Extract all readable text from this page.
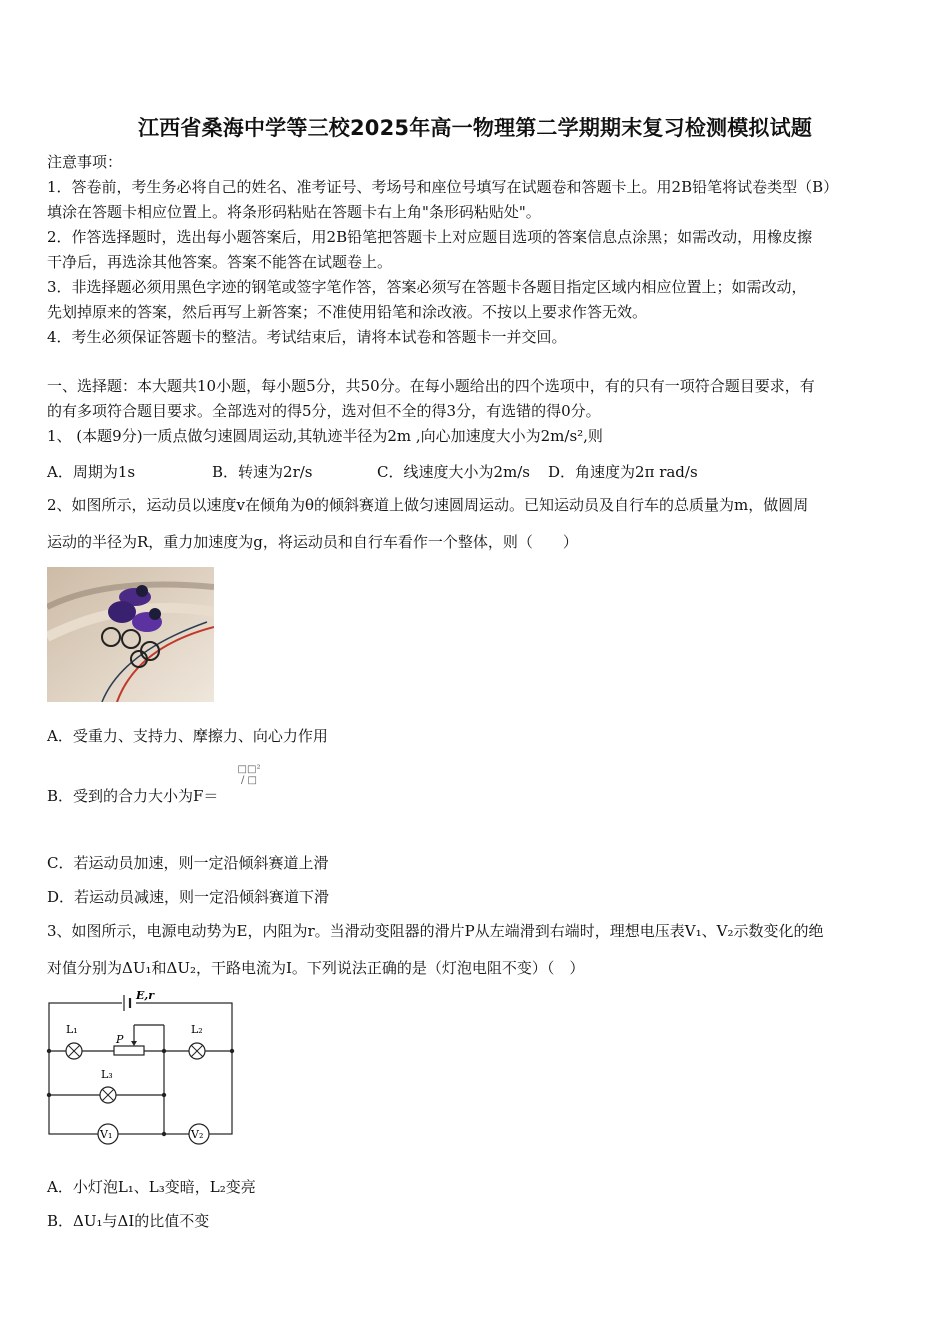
江西省桑海中学等三校2025年高一物理第二学期期末复习检测模拟试题
注意事项：
1．答卷前，考生务必将自己的姓名、准考证号、考场号和座位号填写在试题卷和答题卡上。用2B铅笔将试卷类型（B）
填涂在答题卡相应位置上。将条形码粘贴在答题卡右上角"条形码粘贴处"。
2．作答选择题时，选出每小题答案后，用2B铅笔把答题卡上对应题目选项的答案信息点涂黑；如需改动，用橡皮擦
干净后，再选涂其他答案。答案不能答在试题卷上。
3．非选择题必须用黑色字迹的钢笔或签字笔作答，答案必须写在答题卡各题目指定区域内相应位置上；如需改动，
先划掉原来的答案，然后再写上新答案；不准使用铅笔和涂改液。不按以上要求作答无效。
4．考生必须保证答题卡的整洁。考试结束后，请将本试卷和答题卡一并交回。
一、选择题：本大题共10小题，每小题5分，共50分。在每小题给出的四个选项中，有的只有一项符合题目要求，有
的有多项符合题目要求。全部选对的得5分，选对但不全的得3分，有选错的得0分。
1、 (本题9分)一质点做匀速圆周运动,其轨迹半径为2m ,向心加速度大小为2m/s²,则
A．周期为1s	B．转速为2r/s	C．线速度大小为2m/s D．角速度为2π rad/s
2、如图所示，运动员以速度v在倾角为θ的倾斜赛道上做匀速圆周运动。已知运动员及自行车的总质量为m，做圆周
运动的半径为R，重力加速度为g，将运动员和自行车看作一个整体，则（　　）
A．受重力、支持力、摩擦力、向心力作用
B．受到的合力大小为F＝
□□² / □
C．若运动员加速，则一定沿倾斜赛道上滑
D．若运动员减速，则一定沿倾斜赛道下滑
3、如图所示，电源电动势为E，内阻为r。当滑动变阻器的滑片P从左端滑到右端时，理想电压表V₁、V₂示数变化的绝
对值分别为ΔU₁和ΔU₂，干路电流为I。下列说法正确的是（灯泡电阻不变）（　）
E,r
L₁
P
L₂
L₃
V₁	V₂
A．小灯泡L₁、L₃变暗，L₂变亮
B．ΔU₁与ΔI的比值不变
